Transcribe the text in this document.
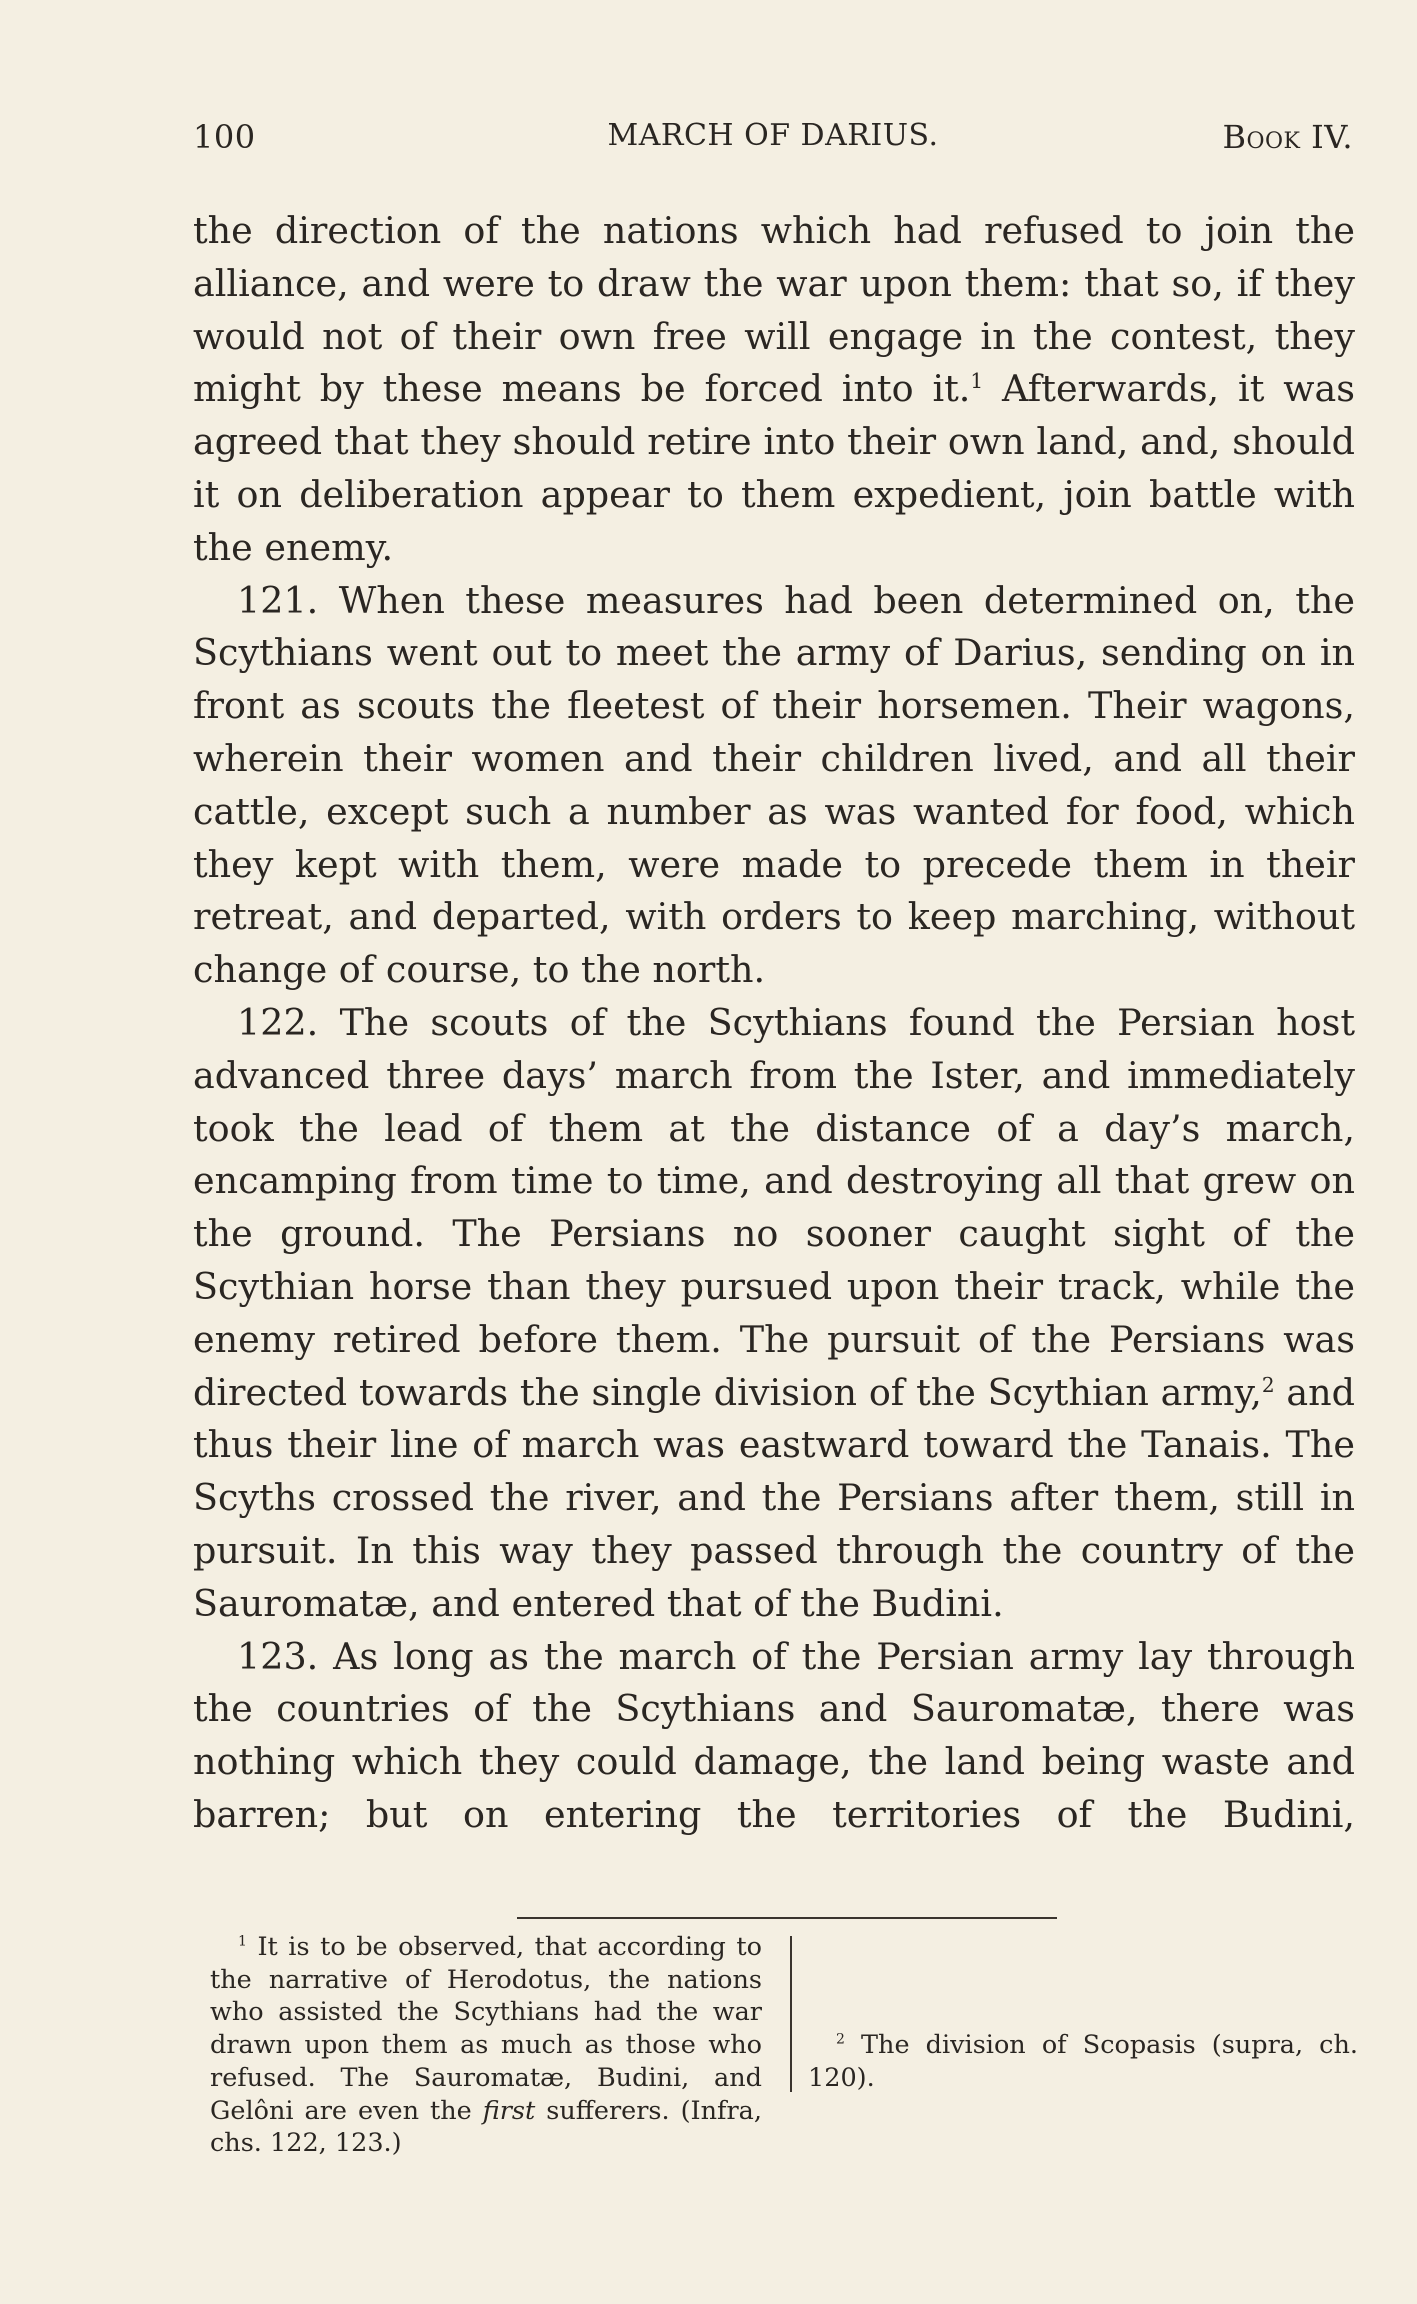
100	MARCH OF DARIUS.	Book IV.

the direction of the nations which had refused to join the alliance, and were to draw the war upon them: that so, if they would not of their own free will engage in the contest, they might by these means be forced into it.$^1$ Afterwards, it was agreed that they should retire into their own land, and, should it on deliberation appear to them expedient, join battle with the enemy.

121. When these measures had been determined on, the Scythians went out to meet the army of Darius, sending on in front as scouts the fleetest of their horsemen. Their wagons, wherein their women and their children lived, and all their cattle, except such a number as was wanted for food, which they kept with them, were made to precede them in their retreat, and departed, with orders to keep marching, without change of course, to the north.

122. The scouts of the Scythians found the Persian host advanced three days’ march from the Ister, and immediately took the lead of them at the distance of a day’s march, encamping from time to time, and destroying all that grew on the ground. The Persians no sooner caught sight of the Scythian horse than they pursued upon their track, while the enemy retired before them. The pursuit of the Persians was directed towards the single division of the Scythian army,$^2$ and thus their line of march was eastward toward the Tanais. The Scyths crossed the river, and the Persians after them, still in pursuit. In this way they passed through the country of the Sauromatæ, and entered that of the Budini.

123. As long as the march of the Persian army lay through the countries of the Scythians and Sauromatæ, there was nothing which they could damage, the land being waste and barren; but on entering the territories of the Budini,

$^1$ It is to be observed, that according to the narrative of Herodotus, the nations who assisted the Scythians had the war drawn upon them as much as those who refused. The Sauromatæ, Budini, and Gelôni are even the first sufferers. (Infra, chs. 122, 123.)

$^2$ The division of Scopasis (supra, ch. 120).
